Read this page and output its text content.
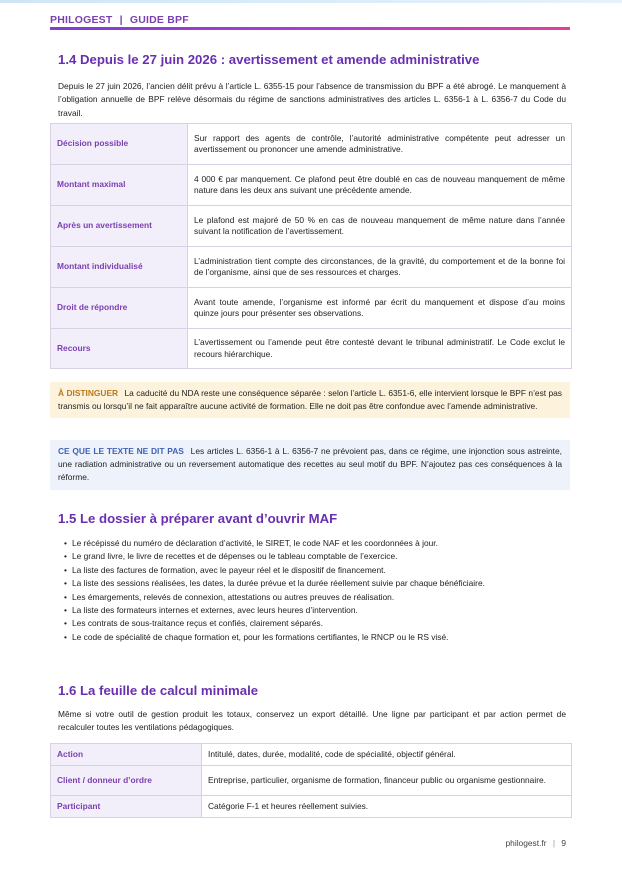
PHILOGEST | GUIDE BPF
1.4 Depuis le 27 juin 2026 : avertissement et amende administrative

Depuis le 27 juin 2026, l’ancien délit prévu à l’article L. 6355-15 pour l’absence de transmission du BPF a été abrogé. Le manquement à l’obligation annuelle de BPF relève désormais du régime de sanctions administratives des articles L. 6356-1 à L. 6356-7 du Code du travail.

Décision possible	Sur rapport des agents de contrôle, l’autorité administrative compétente peut adresser un avertissement ou prononcer une amende administrative.
Montant maximal	4 000 € par manquement. Ce plafond peut être doublé en cas de nouveau manquement de même nature dans les deux ans suivant une précédente amende.
Après un avertissement	Le plafond est majoré de 50 % en cas de nouveau manquement de même nature dans l’année suivant la notification de l’avertissement.
Montant individualisé	L’administration tient compte des circonstances, de la gravité, du comportement et de la bonne foi de l’organisme, ainsi que de ses ressources et charges.
Droit de répondre	Avant toute amende, l’organisme est informé par écrit du manquement et dispose d’au moins quinze jours pour présenter ses observations.
Recours	L’avertissement ou l’amende peut être contesté devant le tribunal administratif. Le Code exclut le recours hiérarchique.
À DISTINGUER La caducité du NDA reste une conséquence séparée : selon l’article L. 6351-6, elle intervient lorsque le BPF n’est pas transmis ou lorsqu’il ne fait apparaître aucune activité de formation. Elle ne doit pas être confondue avec l’amende administrative.
CE QUE LE TEXTE NE DIT PAS Les articles L. 6356-1 à L. 6356-7 ne prévoient pas, dans ce régime, une injonction sous astreinte, une radiation administrative ou un reversement automatique des recettes au seul motif du BPF. N’ajoutez pas ces conséquences à la réforme.
1.5 Le dossier à préparer avant d’ouvrir MAF
• Le récépissé du numéro de déclaration d’activité, le SIRET, le code NAF et les coordonnées à jour.
• Le grand livre, le livre de recettes et de dépenses ou le tableau comptable de l’exercice.
• La liste des factures de formation, avec le payeur réel et le dispositif de financement.
• La liste des sessions réalisées, les dates, la durée prévue et la durée réellement suivie par chaque bénéficiaire.
• Les émargements, relevés de connexion, attestations ou autres preuves de réalisation.
• La liste des formateurs internes et externes, avec leurs heures d’intervention.
• Les contrats de sous-traitance reçus et confiés, clairement séparés.
• Le code de spécialité de chaque formation et, pour les formations certifiantes, le RNCP ou le RS visé.
1.6 La feuille de calcul minimale

Même si votre outil de gestion produit les totaux, conservez un export détaillé. Une ligne par participant et par action permet de recalculer toutes les ventilations pédagogiques.

Action	Intitulé, dates, durée, modalité, code de spécialité, objectif général.
Client / donneur d’ordre	Entreprise, particulier, organisme de formation, financeur public ou organisme gestionnaire.
Participant	Catégorie F-1 et heures réellement suivies.
philogest.fr | 9
